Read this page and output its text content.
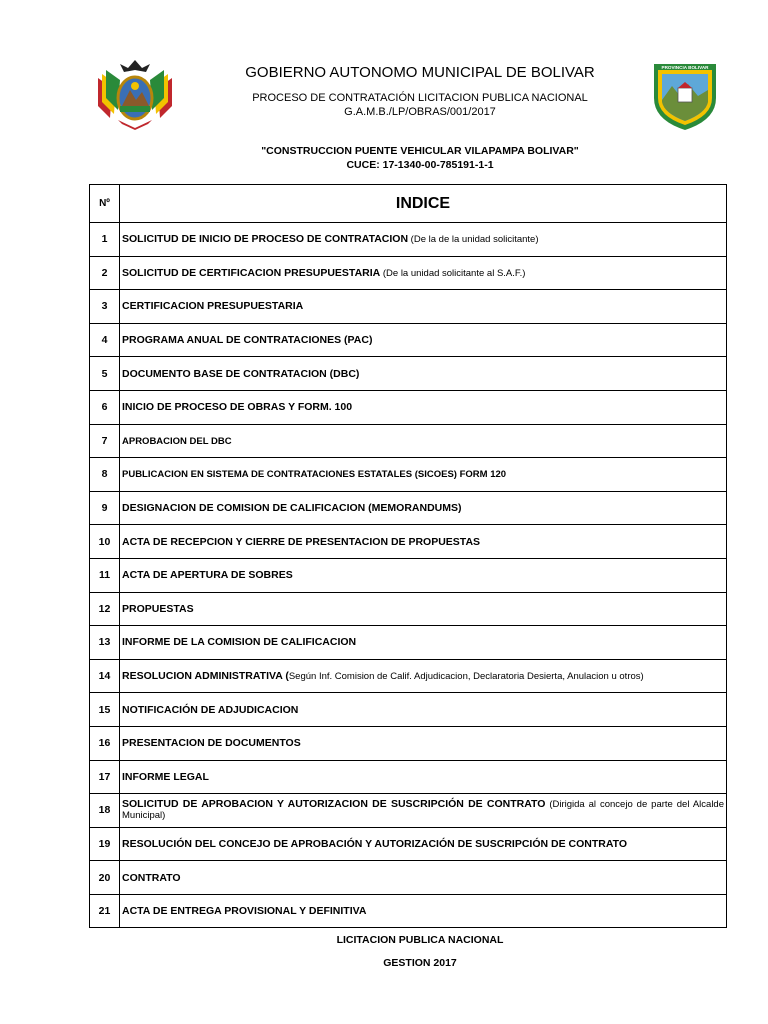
PROVINCIA BOLIVAR
GOBIERNO AUTONOMO MUNICIPAL DE BOLIVAR
PROCESO DE CONTRATACIÓN LICITACION PUBLICA NACIONAL
G.A.M.B./LP/OBRAS/001/2017
"CONSTRUCCION PUENTE VEHICULAR VILAPAMPA BOLIVAR"
CUCE: 17-1340-00-785191-1-1
Nº	INDICE
1	SOLICITUD DE INICIO DE PROCESO DE CONTRATACION (De la de la unidad solicitante)
2	SOLICITUD DE CERTIFICACION PRESUPUESTARIA (De la unidad solicitante al S.A.F.)
3	CERTIFICACION PRESUPUESTARIA
4	PROGRAMA ANUAL DE CONTRATACIONES (PAC)
5	DOCUMENTO BASE DE CONTRATACION (DBC)
6	INICIO DE PROCESO DE OBRAS Y FORM. 100
7	APROBACION DEL DBC
8	PUBLICACION EN SISTEMA DE CONTRATACIONES ESTATALES (SICOES) FORM 120
9	DESIGNACION DE COMISION DE CALIFICACION (MEMORANDUMS)
10	ACTA DE RECEPCION Y CIERRE DE PRESENTACION DE PROPUESTAS
11	ACTA DE APERTURA DE SOBRES
12	PROPUESTAS
13	INFORME DE LA COMISION DE CALIFICACION
14	RESOLUCION ADMINISTRATIVA (Según Inf. Comision de Calif. Adjudicacion, Declaratoria Desierta, Anulacion u otros)
15	NOTIFICACIÓN DE ADJUDICACION
16	PRESENTACION DE DOCUMENTOS
17	INFORME LEGAL
18	SOLICITUD DE APROBACION Y AUTORIZACION DE SUSCRIPCIÓN DE CONTRATO (Dirigida al concejo de parte del Alcalde Municipal)
19	RESOLUCIÓN DEL CONCEJO DE APROBACIÓN Y AUTORIZACIÓN DE SUSCRIPCIÓN DE CONTRATO
20	CONTRATO
21	ACTA DE ENTREGA PROVISIONAL Y DEFINITIVA
LICITACION PUBLICA NACIONAL
GESTION 2017
